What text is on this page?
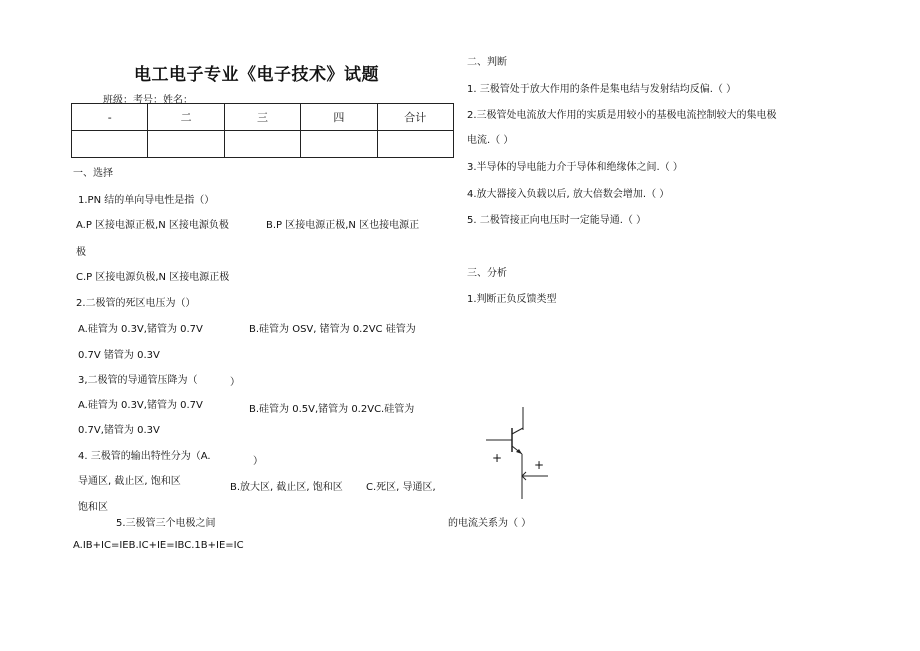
电工电子专业《电子技术》试题
班级：考号：姓名：
-	二	三	四	合计

一、选择
1.PN 结的单向导电性是指（）
A.P 区接电源正极,N 区接电源负极	B.P 区接电源正极,N 区也接电源正
极
C.P 区接电源负极,N 区接电源正极
2.二极管的死区电压为（）
A.硅管为 0.3V,锗管为 0.7V	B.硅管为 OSV, 锗管为 0.2VC 硅管为
0.7V 锗管为 0.3V
3,二极管的导通管压降为（	）
A.硅管为 0.3V,锗管为 0.7V	B.硅管为 0.5V,锗管为 0.2VC.硅管为
0.7V,锗管为 0.3V
4. 三极管的输出特性分为（A.	）
导通区, 截止区, 饱和区
B.放大区, 截止区, 饱和区 C.死区, 导通区,
饱和区
5.三极管三个电极之间	的电流关系为（ ）
A.IB+IC=IEB.IC+IE=IBC.1B+IE=IC
二、判断
1. 三极管处于放大作用的条件是集电结与发射结均反偏.（ ）
2.三极管处电流放大作用的实质是用较小的基极电流控制较大的集电极
电流.（ ）
3.半导体的导电能力介于导体和绝缘体之间.（ ）
4.放大器接入负载以后, 放大倍数会增加.（ ）
5. 二极管接正向电压时一定能导通.（ ）
三、分析
1.判断正负反馈类型
+	+
